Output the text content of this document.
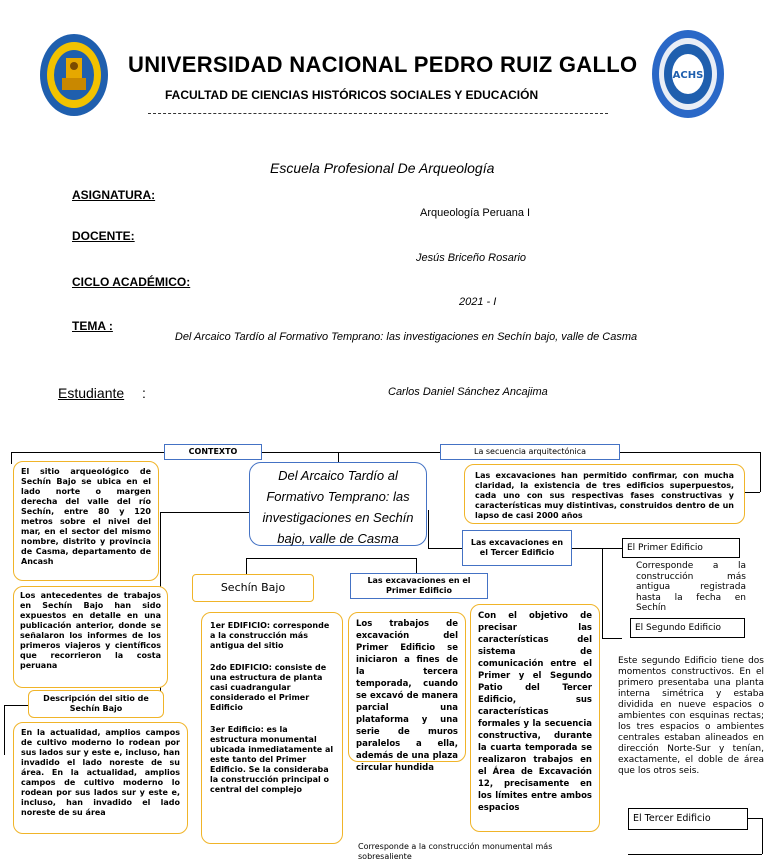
ACHS
UNIVERSIDAD NACIONAL PEDRO RUIZ GALLO
FACULTAD DE CIENCIAS HISTÓRICOS SOCIALES Y EDUCACIÓN
Escuela Profesional De Arqueología
ASIGNATURA:
Arqueología Peruana I
DOCENTE:
Jesús Briceño Rosario
CICLO ACADÉMICO:
2021 - I
TEMA :
Del Arcaico Tardío al Formativo Temprano: las investigaciones en Sechín bajo, valle de Casma
Estudiante :	Carlos Daniel Sánchez Ancajima
Del Arcaico Tardío al Formativo Temprano: las investigaciones en Sechín bajo, valle de Casma
CONTEXTO
El sitio arqueológico de Sechín Bajo se ubica en el lado norte o margen derecha del valle del río Sechín, entre 80 y 120 metros sobre el nivel del mar, en el sector del mismo nombre, distrito y provincia de Casma, departamento de Ancash
Los antecedentes de trabajos en Sechín Bajo han sido expuestos en detalle en una publicación anterior, donde se señalaron los informes de los primeros viajeros y científicos que recorrieron la costa peruana
Descripción del sitio de Sechín Bajo
En la actualidad, amplios campos de cultivo moderno lo rodean por sus lados sur y este e, incluso, han invadido el lado noreste de su área. En la actualidad, amplios campos de cultivo moderno lo rodean por sus lados sur y este e, incluso, han invadido el lado noreste de su área
Sechín Bajo
1er EDIFICIO: corresponde a la construcción más antigua del sitio
2do EDIFICIO: consiste de una estructura de planta casi cuadrangular considerado el Primer Edificio
3er Edificio: es la estructura monumental ubicada inmediatamente al este tanto del Primer Edificio. Se la consideraba la construcción principal o central del complejo
Las excavaciones en el Primer Edificio
Los trabajos de excavación del Primer Edificio se iniciaron a fines de la tercera temporada, cuando se excavó de manera parcial una plataforma y una serie de muros paralelos a ella, además de una plaza circular hundida
Las excavaciones en el Tercer Edificio
Con el objetivo de precisar las características del sistema de comunicación entre el Primer y el Segundo Patio del Tercer Edificio, sus características formales y la secuencia constructiva, durante la cuarta temporada se realizaron trabajos en el Área de Excavación 12, precisamente en los límites entre ambos espacios
La secuencia arquitectónica
Las excavaciones han permitido confirmar, con mucha claridad, la existencia de tres edificios superpuestos, cada uno con sus respectivas fases constructivas y características muy distintivas, construidos dentro de un lapso de casi 2000 años
El Primer Edificio
Corresponde a la construcción más antigua registrada hasta la fecha en Sechín
El Segundo Edificio
Este segundo Edificio tiene dos momentos constructivos. En el primero presentaba una planta interna simétrica y estaba dividida en nueve espacios o ambientes con esquinas rectas; los tres espacios o ambientes centrales estaban alineados en dirección Norte-Sur y tenían, exactamente, el doble de área que los otros seis.
El Tercer Edificio
Corresponde a la construcción monumental más sobresaliente
